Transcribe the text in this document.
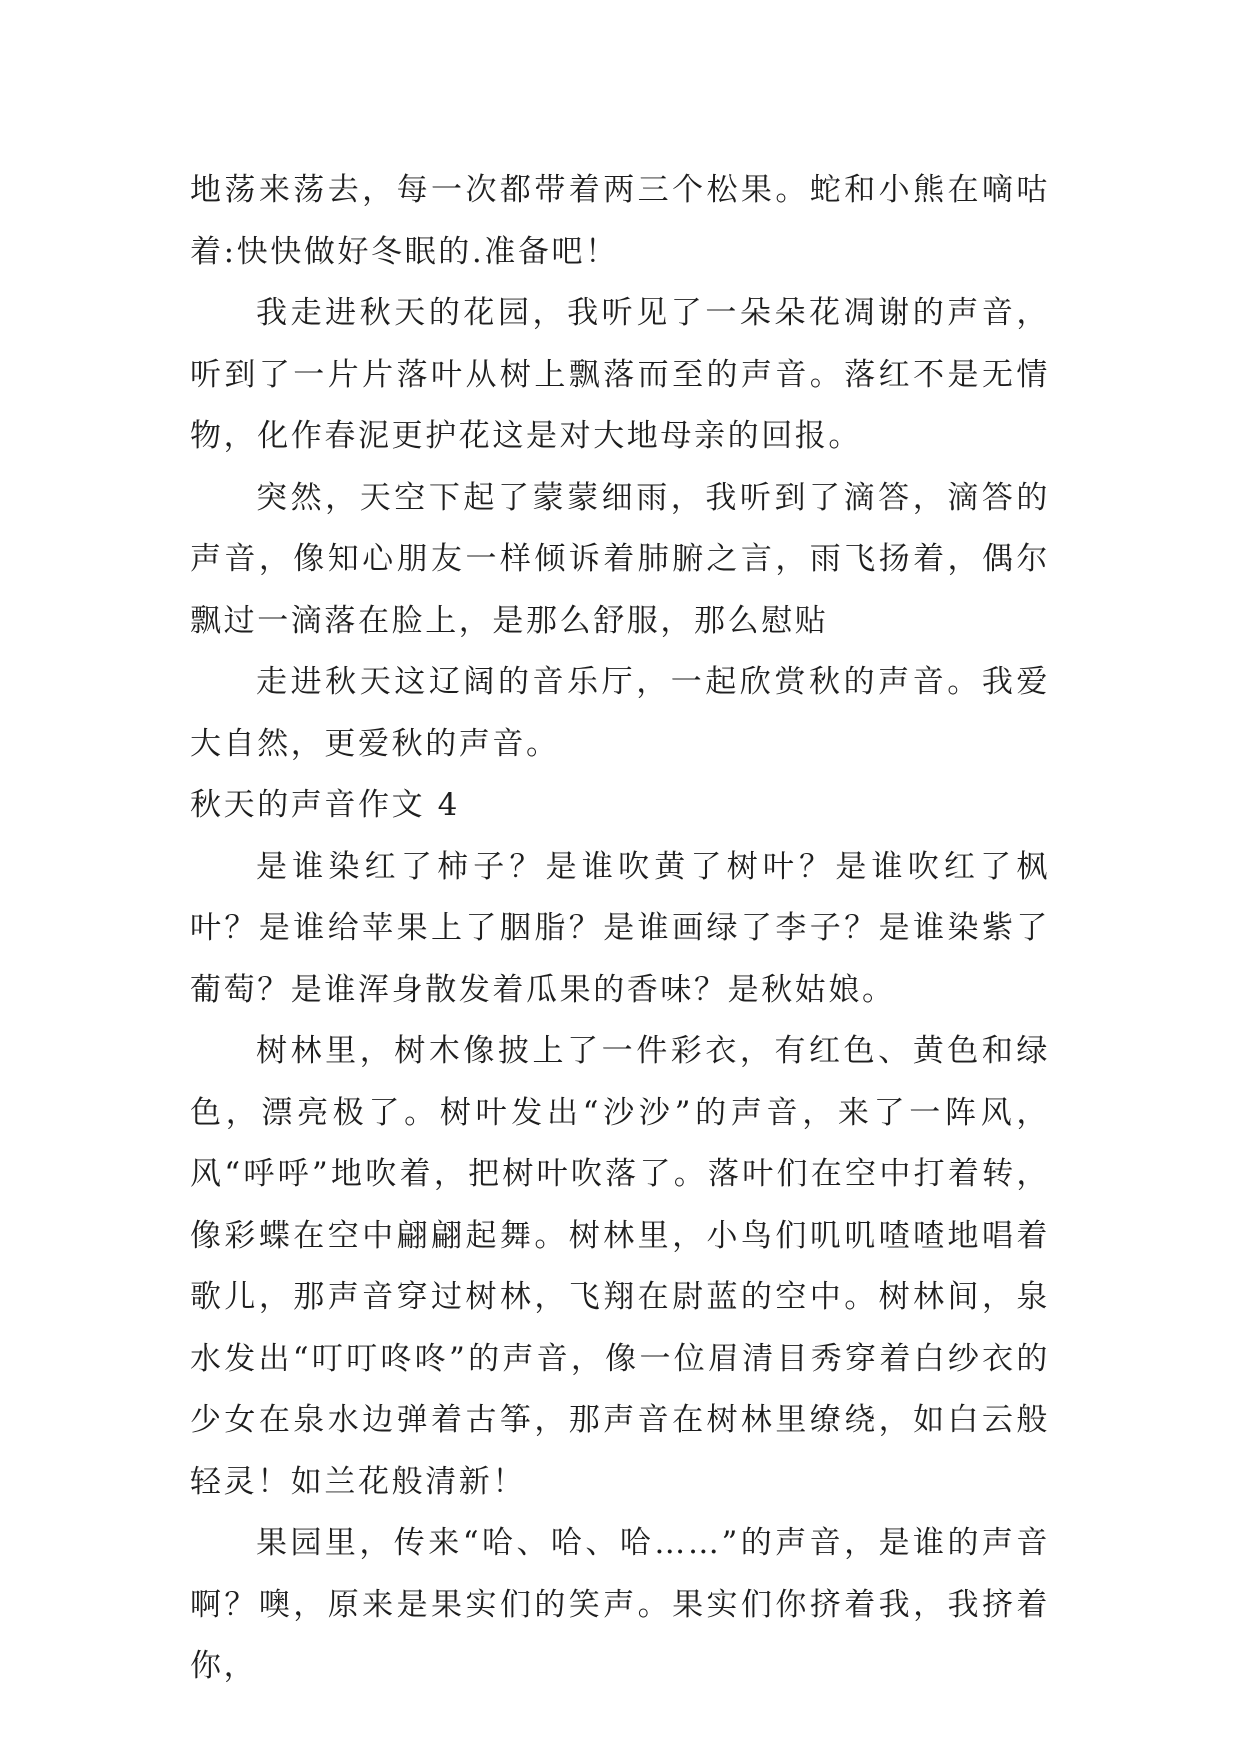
地荡来荡去，每一次都带着两三个松果。蛇和小熊在嘀咕着:快快做好冬眠的.准备吧！

我走进秋天的花园，我听见了一朵朵花凋谢的声音，听到了一片片落叶从树上飘落而至的声音。落红不是无情物，化作春泥更护花这是对大地母亲的回报。

突然，天空下起了蒙蒙细雨，我听到了滴答，滴答的声音，像知心朋友一样倾诉着肺腑之言，雨飞扬着，偶尔飘过一滴落在脸上，是那么舒服，那么慰贴

走进秋天这辽阔的音乐厅，一起欣赏秋的声音。我爱大自然，更爱秋的声音。

秋天的声音作文 4

是谁染红了柿子？是谁吹黄了树叶？是谁吹红了枫叶？是谁给苹果上了胭脂？是谁画绿了李子？是谁染紫了葡萄？是谁浑身散发着瓜果的香味？是秋姑娘。

树林里，树木像披上了一件彩衣，有红色、黄色和绿色，漂亮极了。树叶发出“沙沙”的声音，来了一阵风，风“呼呼”地吹着，把树叶吹落了。落叶们在空中打着转，像彩蝶在空中翩翩起舞。树林里，小鸟们叽叽喳喳地唱着歌儿，那声音穿过树林，飞翔在尉蓝的空中。树林间，泉水发出“叮叮咚咚”的声音，像一位眉清目秀穿着白纱衣的少女在泉水边弹着古筝，那声音在树林里缭绕，如白云般轻灵！如兰花般清新！

果园里，传来“哈、哈、哈……”的声音，是谁的声音啊？噢，原来是果实们的笑声。果实们你挤着我，我挤着你，
